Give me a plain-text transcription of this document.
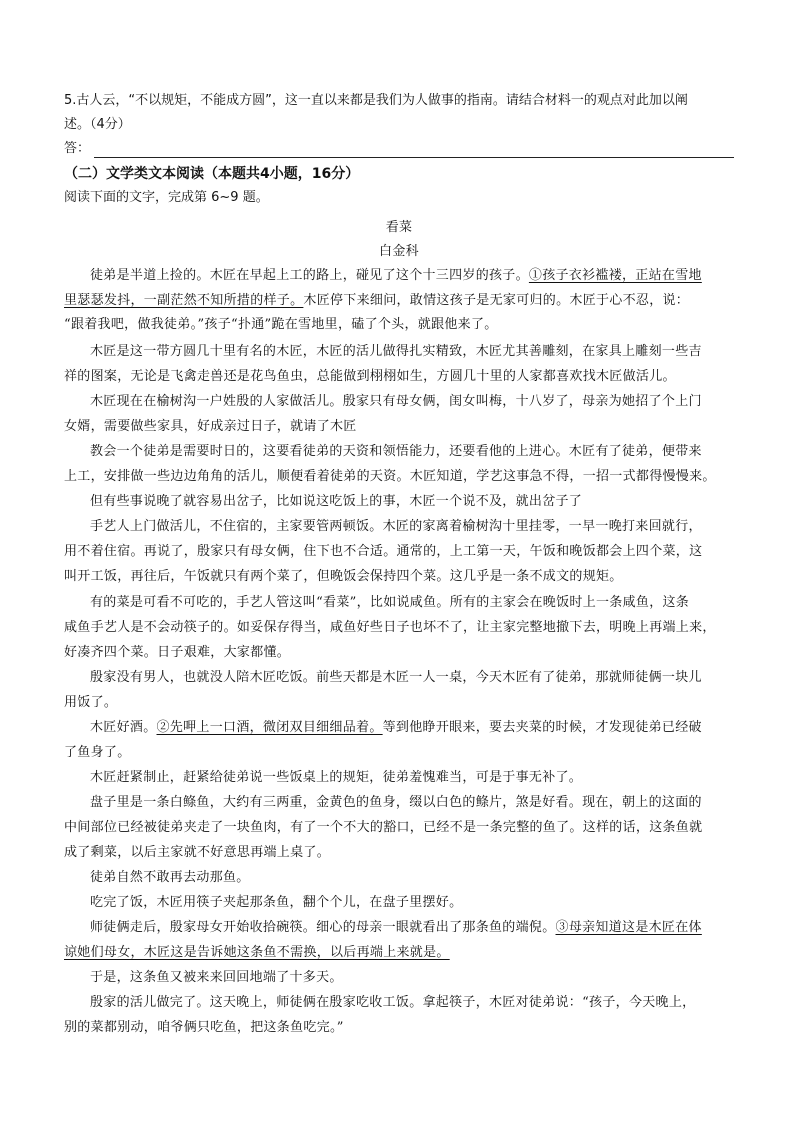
5.古人云，“不以规矩，不能成方圆”，这一直以来都是我们为人做事的指南。请结合材料一的观点对此加以阐
述。（4分）
答：
（二）文学类文本阅读（本题共4小题，16分）
阅读下面的文字，完成第 6~9 题。
看菜
白金科
徒弟是半道上捡的。木匠在早起上工的路上，碰见了这个十三四岁的孩子。①孩子衣衫褴褛，正站在雪地
里瑟瑟发抖，一副茫然不知所措的样子。木匠停下来细问，敢情这孩子是无家可归的。木匠于心不忍，说：
“跟着我吧，做我徒弟。”孩子“扑通”跪在雪地里，磕了个头，就跟他来了。
木匠是这一带方圆几十里有名的木匠，木匠的活儿做得扎实精致，木匠尤其善雕刻，在家具上雕刻一些吉
祥的图案，无论是飞禽走兽还是花鸟鱼虫，总能做到栩栩如生，方圆几十里的人家都喜欢找木匠做活儿。
木匠现在在榆树沟一户姓殷的人家做活儿。殷家只有母女俩，闺女叫梅，十八岁了，母亲为她招了个上门
女婿，需要做些家具，好成亲过日子，就请了木匠
教会一个徒弟是需要时日的，这要看徒弟的天资和领悟能力，还要看他的上进心。木匠有了徒弟，便带来
上工，安排做一些边边角角的活儿，顺便看着徒弟的天资。木匠知道，学艺这事急不得，一招一式都得慢慢来。
但有些事说晚了就容易出岔子，比如说这吃饭上的事，木匠一个说不及，就出岔子了
手艺人上门做活儿，不住宿的，主家要管两顿饭。木匠的家离着榆树沟十里挂零，一早一晚打来回就行，
用不着住宿。再说了，殷家只有母女俩，住下也不合适。通常的，上工第一天，午饭和晚饭都会上四个菜，这
叫开工饭，再往后，午饭就只有两个菜了，但晚饭会保持四个菜。这几乎是一条不成文的规矩。
有的菜是可看不可吃的，手艺人管这叫“看菜”，比如说咸鱼。所有的主家会在晚饭时上一条咸鱼，这条
咸鱼手艺人是不会动筷子的。如妥保存得当，咸鱼好些日子也坏不了，让主家完整地撤下去，明晚上再端上来，
好凑齐四个菜。日子艰难，大家都懂。
殷家没有男人，也就没人陪木匠吃饭。前些天都是木匠一人一桌，今天木匠有了徒弟，那就师徒俩一块儿
用饭了。
木匠好酒。②先呷上一口酒，微闭双目细细品着。等到他睁开眼来，要去夹菜的时候，才发现徒弟已经破
了鱼身了。
木匠赶紧制止，赶紧给徒弟说一些饭桌上的规矩，徒弟羞愧难当，可是于事无补了。
盘子里是一条白鲦鱼，大约有三两重，金黄色的鱼身，缀以白色的鲦片，煞是好看。现在，朝上的这面的
中间部位已经被徒弟夹走了一块鱼肉，有了一个不大的豁口，已经不是一条完整的鱼了。这样的话，这条鱼就
成了剩菜，以后主家就不好意思再端上桌了。
徒弟自然不敢再去动那鱼。
吃完了饭，木匠用筷子夹起那条鱼，翻个个儿，在盘子里摆好。
师徒俩走后，殷家母女开始收拾碗筷。细心的母亲一眼就看出了那条鱼的端倪。③母亲知道这是木匠在体
谅她们母女，木匠这是告诉她这条鱼不需换，以后再端上来就是。
于是，这条鱼又被来来回回地端了十多天。
殷家的活儿做完了。这天晚上，师徒俩在殷家吃收工饭。拿起筷子，木匠对徒弟说：“孩子，今天晚上，
别的菜都别动，咱爷俩只吃鱼，把这条鱼吃完。”
